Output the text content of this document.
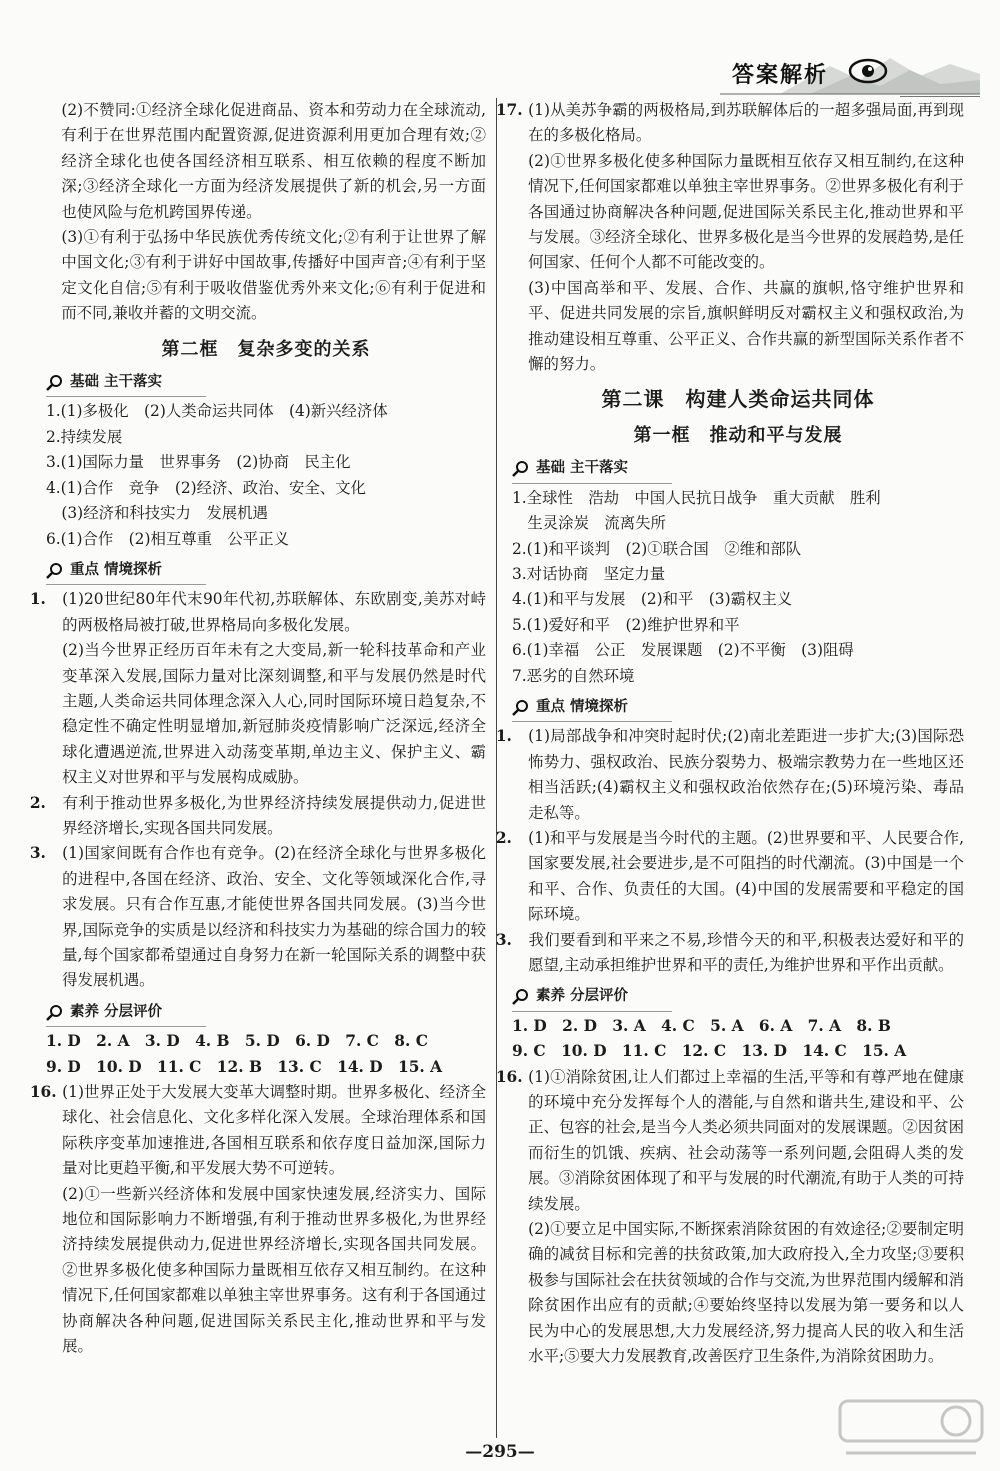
答案解析

(2)不赞同:①经济全球化促进商品、资本和劳动力在全球流动,有利于在世界范围内配置资源,促进资源利用更加合理有效;②经济全球化也使各国经济相互联系、相互依赖的程度不断加深;③经济全球化一方面为经济发展提供了新的机会,另一方面也使风险与危机跨国界传递。

(3)①有利于弘扬中华民族优秀传统文化;②有利于让世界了解中国文化;③有利于讲好中国故事,传播好中国声音;④有利于坚定文化自信;⑤有利于吸收借鉴优秀外来文化;⑥有利于促进和而不同,兼收并蓄的文明交流。

第二框　复杂多变的关系
基础 主干落实

1.(1)多极化　(2)人类命运共同体　(4)新兴经济体

2.持续发展

3.(1)国际力量　世界事务　(2)协商　民主化

4.(1)合作　竞争　(2)经济、政治、安全、文化

　(3)经济和科技实力　发展机遇

6.(1)合作　(2)相互尊重　公平正义

重点 情境探析

1. (1)20世纪80年代末90年代初,苏联解体、东欧剧变,美苏对峙的两极格局被打破,世界格局向多极化发展。

(2)当今世界正经历百年未有之大变局,新一轮科技革命和产业变革深入发展,国际力量对比深刻调整,和平与发展仍然是时代主题,人类命运共同体理念深入人心,同时国际环境日趋复杂,不稳定性不确定性明显增加,新冠肺炎疫情影响广泛深远,经济全球化遭遇逆流,世界进入动荡变革期,单边主义、保护主义、霸权主义对世界和平与发展构成威胁。

2. 有利于推动世界多极化,为世界经济持续发展提供动力,促进世界经济增长,实现各国共同发展。

3. (1)国家间既有合作也有竞争。(2)在经济全球化与世界多极化的进程中,各国在经济、政治、安全、文化等领域深化合作,寻求发展。只有合作互惠,才能使世界各国共同发展。(3)当今世界,国际竞争的实质是以经济和科技实力为基础的综合国力的较量,每个国家都希望通过自身努力在新一轮国际关系的调整中获得发展机遇。

素养 分层评价

1. D　2. A　3. D　4. B　5. D　6. D　7. C　8. C

9. D　10. D　11. C　12. B　13. C　14. D　15. A

16. (1)世界正处于大发展大变革大调整时期。世界多极化、经济全球化、社会信息化、文化多样化深入发展。全球治理体系和国际秩序变革加速推进,各国相互联系和依存度日益加深,国际力量对比更趋平衡,和平发展大势不可逆转。

(2)①一些新兴经济体和发展中国家快速发展,经济实力、国际地位和国际影响力不断增强,有利于推动世界多极化,为世界经济持续发展提供动力,促进世界经济增长,实现各国共同发展。②世界多极化使多种国际力量既相互依存又相互制约。在这种情况下,任何国家都难以单独主宰世界事务。这有利于各国通过协商解决各种问题,促进国际关系民主化,推动世界和平与发展。

17. (1)从美苏争霸的两极格局,到苏联解体后的一超多强局面,再到现在的多极化格局。

(2)①世界多极化使多种国际力量既相互依存又相互制约,在这种情况下,任何国家都难以单独主宰世界事务。②世界多极化有利于各国通过协商解决各种问题,促进国际关系民主化,推动世界和平与发展。③经济全球化、世界多极化是当今世界的发展趋势,是任何国家、任何个人都不可能改变的。

(3)中国高举和平、发展、合作、共赢的旗帜,恪守维护世界和平、促进共同发展的宗旨,旗帜鲜明反对霸权主义和强权政治,为推动建设相互尊重、公平正义、合作共赢的新型国际关系作者不懈的努力。

第二课　构建人类命运共同体
第一框　推动和平与发展
基础 主干落实

1.全球性　浩劫　中国人民抗日战争　重大贡献　胜利

　生灵涂炭　流离失所

2.(1)和平谈判　(2)①联合国　②维和部队

3.对话协商　坚定力量

4.(1)和平与发展　(2)和平　(3)霸权主义

5.(1)爱好和平　(2)维护世界和平

6.(1)幸福　公正　发展课题　(2)不平衡　(3)阻碍

7.恶劣的自然环境

重点 情境探析

1. (1)局部战争和冲突时起时伏;(2)南北差距进一步扩大;(3)国际恐怖势力、强权政治、民族分裂势力、极端宗教势力在一些地区还相当活跃;(4)霸权主义和强权政治依然存在;(5)环境污染、毒品走私等。

2. (1)和平与发展是当今时代的主题。(2)世界要和平、人民要合作,国家要发展,社会要进步,是不可阻挡的时代潮流。(3)中国是一个和平、合作、负责任的大国。(4)中国的发展需要和平稳定的国际环境。

3. 我们要看到和平来之不易,珍惜今天的和平,积极表达爱好和平的愿望,主动承担维护世界和平的责任,为维护世界和平作出贡献。

素养 分层评价

1. D　2. D　3. A　4. C　5. A　6. A　7. A　8. B

9. C　10. D　11. C　12. C　13. D　14. C　15. A

16. (1)①消除贫困,让人们都过上幸福的生活,平等和有尊严地在健康的环境中充分发挥每个人的潜能,与自然和谐共生,建设和平、公正、包容的社会,是当今人类必须共同面对的发展课题。②因贫困而衍生的饥饿、疾病、社会动荡等一系列问题,会阻碍人类的发展。③消除贫困体现了和平与发展的时代潮流,有助于人类的可持续发展。

(2)①要立足中国实际,不断探索消除贫困的有效途径;②要制定明确的减贫目标和完善的扶贫政策,加大政府投入,全力攻坚;③要积极参与国际社会在扶贫领域的合作与交流,为世界范围内缓解和消除贫困作出应有的贡献;④要始终坚持以发展为第一要务和以人民为中心的发展思想,大力发展经济,努力提高人民的收入和生活水平;⑤要大力发展教育,改善医疗卫生条件,为消除贫困助力。

—295—
